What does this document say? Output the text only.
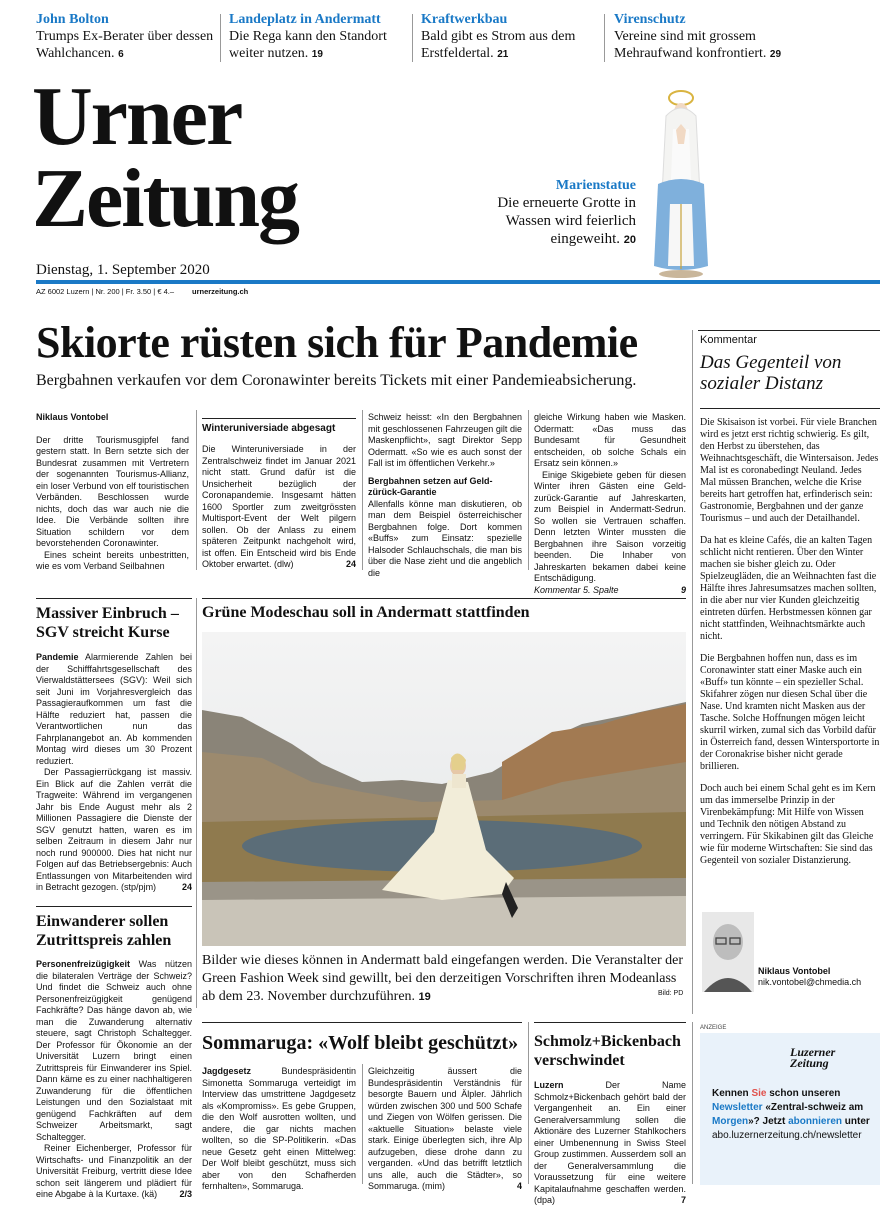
John Bolton
Trumps Ex-Berater über dessen Wahlchancen. 6
Landeplatz in Andermatt
Die Rega kann den Standort weiter nutzen. 19
Kraftwerkbau
Bald gibt es Strom aus dem Erstfeldertal. 21
Virenschutz
Vereine sind mit grossem Mehraufwand konfrontiert. 29
Urner
Zeitung
Dienstag, 1. September 2020
AZ 6002 Luzern | Nr. 200 | Fr. 3.50 | € 4.– urnerzeitung.ch
Marienstatue
Die erneuerte Grotte in Wassen wird feierlich eingeweiht. 20
Skiorte rüsten sich für Pandemie
Bergbahnen verkaufen vor dem Coronawinter bereits Tickets mit einer Pandemieabsicherung.

Niklaus Vontobel

Der dritte Tourismusgipfel fand gestern statt. In Bern setzte sich der Bundesrat zusammen mit Vertretern der sogenannten Tourismus-Allianz, ein loser Verbund von elf touristischen Verbänden. Beschlossen wurde nichts, doch das war auch nie die Idee. Die Verbände sollten ihre Situation schildern vor dem bevorstehenden Coronawinter.

Eines scheint bereits unbestritten, wie es vom Verband Seilbahnen

Winteruniversiade abgesagt
Die Winteruniversiade in der Zentralschweiz findet im Januar 2021 nicht statt. Grund dafür ist die Unsicherheit bezüglich der Coronapandemie. Insgesamt hätten 1600 Sportler zum zweitgrössten Multisport-Event der Welt pilgern sollen. Ob der Anlass zu einem späteren Zeitpunkt nachgeholt wird, ist offen. Ein Entscheid wird bis Ende Oktober erwartet. (dlw)	24

Schweiz heisst: «In den Bergbahnen mit geschlossenen Fahrzeugen gilt die Maskenpflicht», sagt Direktor Sepp Odermatt. «So wie es auch sonst der Fall ist im öffentlichen Verkehr.»

Bergbahnen setzen auf Geld-zürück-Garantie

Allenfalls könne man diskutieren, ob man dem Beispiel österreichischer Bergbahnen folge. Dort kommen «Buffs» zum Einsatz: spezielle Halsoder Schlauchschals, die man bis über die Nase zieht und die angeblich die

gleiche Wirkung haben wie Masken. Odermatt: «Das muss das Bundesamt für Gesundheit entscheiden, ob solche Schals ein Ersatz sein können.»

Einige Skigebiete geben für diesen Winter ihren Gästen eine Geld-zurück-Garantie auf Jahreskarten, zum Beispiel in Andermatt-Sedrun. So wollen sie Vertrauen schaffen. Denn letzten Winter mussten die Bergbahnen ihre Saison vorzeitig beenden. Die Inhaber von Jahreskarten bekamen dabei keine Entschädigung.

Kommentar 5. Spalte	9

Kommentar
Das Gegenteil von sozialer Distanz

Die Skisaison ist vorbei. Für viele Branchen wird es jetzt erst richtig schwierig. Es gilt, den Herbst zu überstehen, das Weihnachtsgeschäft, die Wintersaison. Jedes Mal ist es coronabedingt Neuland. Jedes Mal müssen Branchen, welche die Krise bereits hart getroffen hat, erfinderisch sein: Gastronomie, Bergbahnen und der ganze Tourismus – und auch der Detailhandel.

Da hat es kleine Cafés, die an kalten Tagen schlicht nicht rentieren. Über den Winter machen sie bisher gleich zu. Oder Spielzeugläden, die an Weihnachten fast die Hälfte ihres Jahresumsatzes machen sollten, in die aber nur vier Kunden gleichzeitig eintreten dürfen. Herbstmessen können gar nicht stattfinden, Weihnachtsmärkte auch nicht.

Die Bergbahnen hoffen nun, dass es im Coronawinter statt einer Maske auch ein «Buff» tun könnte – ein spezieller Schal. Skifahrer zögen nur diesen Schal über die Nase. Und kramten nicht Masken aus der Tasche. Solche Hoffnungen mögen leicht skurril wirken, zumal sich das Vorbild dafür in Österreich fand, dessen Wintersportorte in der Coronakrise bisher nicht gerade brillieren.

Doch auch bei einem Schal geht es im Kern um das immerselbe Prinzip in der Virenbekämpfung: Mit Hilfe von Wissen und Technik den nötigen Abstand zu verringern. Für Skikabinen gilt das Gleiche wie für moderne Wirtschaften: Sie sind das Gegenteil von sozialer Distanzierung.

Niklaus Vontobel
nik.vontobel@chmedia.ch
Massiver Einbruch – SGV streicht Kurse

Pandemie Alarmierende Zahlen bei der Schifffahrtsgesellschaft des Vierwaldstättersees (SGV): Weil sich seit Juni im Vorjahresvergleich das Passagieraufkommen um fast die Hälfte reduziert hat, passen die Verantwortlichen nun das Fahrplanangebot an. Ab kommenden Montag wird dieses um 30 Prozent reduziert.

Der Passagierrückgang ist massiv. Ein Blick auf die Zahlen verrät die Tragweite: Während im vergangenen Jahr bis Ende August mehr als 2 Millionen Passagiere die Dienste der SGV genutzt hatten, waren es im selben Zeitraum in diesem Jahr nur noch rund 900000. Dies hat nicht nur Folgen auf das Betriebsergebnis: Auch Entlassungen von Mitarbeitenden wird in Betracht gezogen. (stp/pjm)	24

Einwanderer sollen Zutrittspreis zahlen

Personenfreizügigkeit Was nützen die bilateralen Verträge der Schweiz? Und findet die Schweiz auch ohne Personenfreizügigkeit genügend Fachkräfte? Das hänge davon ab, wie man die Zuwanderung alternativ steuere, sagt Christoph Schaltegger. Der Professor für Ökonomie an der Universität Luzern bringt einen Zutrittspreis für Einwanderer ins Spiel. Dann käme es zu einer nachhaltigeren Zuwanderung für die öffentlichen Leistungen und den Sozialstaat mit genügend Fachkräften auf dem Schweizer Arbeitsmarkt, sagt Schaltegger.

Reiner Eichenberger, Professor für Wirtschafts- und Finanzpolitik an der Universität Freiburg, vertritt diese Idee schon seit längerem und plädiert für eine Abgabe à la Kurtaxe. (kä)	2/3

Grüne Modeschau soll in Andermatt stattfinden
Bilder wie dieses können in Andermatt bald eingefangen werden. Die Veranstalter der Green Fashion Week sind gewillt, bei den derzeitigen Vorschriften ihren Modeanlass ab dem 23. November durchzuführen. 19	Bild: PD
Sommaruga: «Wolf bleibt geschützt»

Jagdgesetz	Bundespräsidentin Simonetta Sommaruga verteidigt im Interview das umstrittene Jagdgesetz als «Kompromiss». Es gebe Gruppen, die den Wolf ausrotten wollten, und andere, die gar nichts machen wollten, so die SP-Politikerin. «Das neue Gesetz geht einen Mittelweg: Der Wolf bleibt geschützt, muss sich aber von den Schafherden fernhalten», Sommaruga.

Gleichzeitig äussert die Bundespräsidentin Verständnis für besorgte Bauern und Älpler. Jährlich würden zwischen 300 und 500 Schafe und Ziegen von Wölfen gerissen. Die «aktuelle Situation» belaste viele stark. Einige überlegten sich, ihre Alp aufzugeben, diese drohe dann zu verganden. «Und das betrifft letztlich uns alle, auch die Städter», so Sommaruga. (mim)	4

Schmolz+Bickenbach verschwindet

Luzern	Der Name Schmolz+Bickenbach gehört bald der Vergangenheit an. Ein einer Generalversammlung sollen die Aktionäre des Luzerner Stahlkochers einer Umbenennung in Swiss Steel Group zustimmen. Ausserdem soll an der Generalversammlung die Voraussetzung für eine weitere Kapitalaufnahme geschaffen werden. (dpa)	7

ANZEIGE
Luzerner
Zeitung
Kennen Sie schon unseren Newsletter «Zentral-schweiz am Morgen»? Jetzt abonnieren unter abo.luzernerzeitung.ch/newsletter
